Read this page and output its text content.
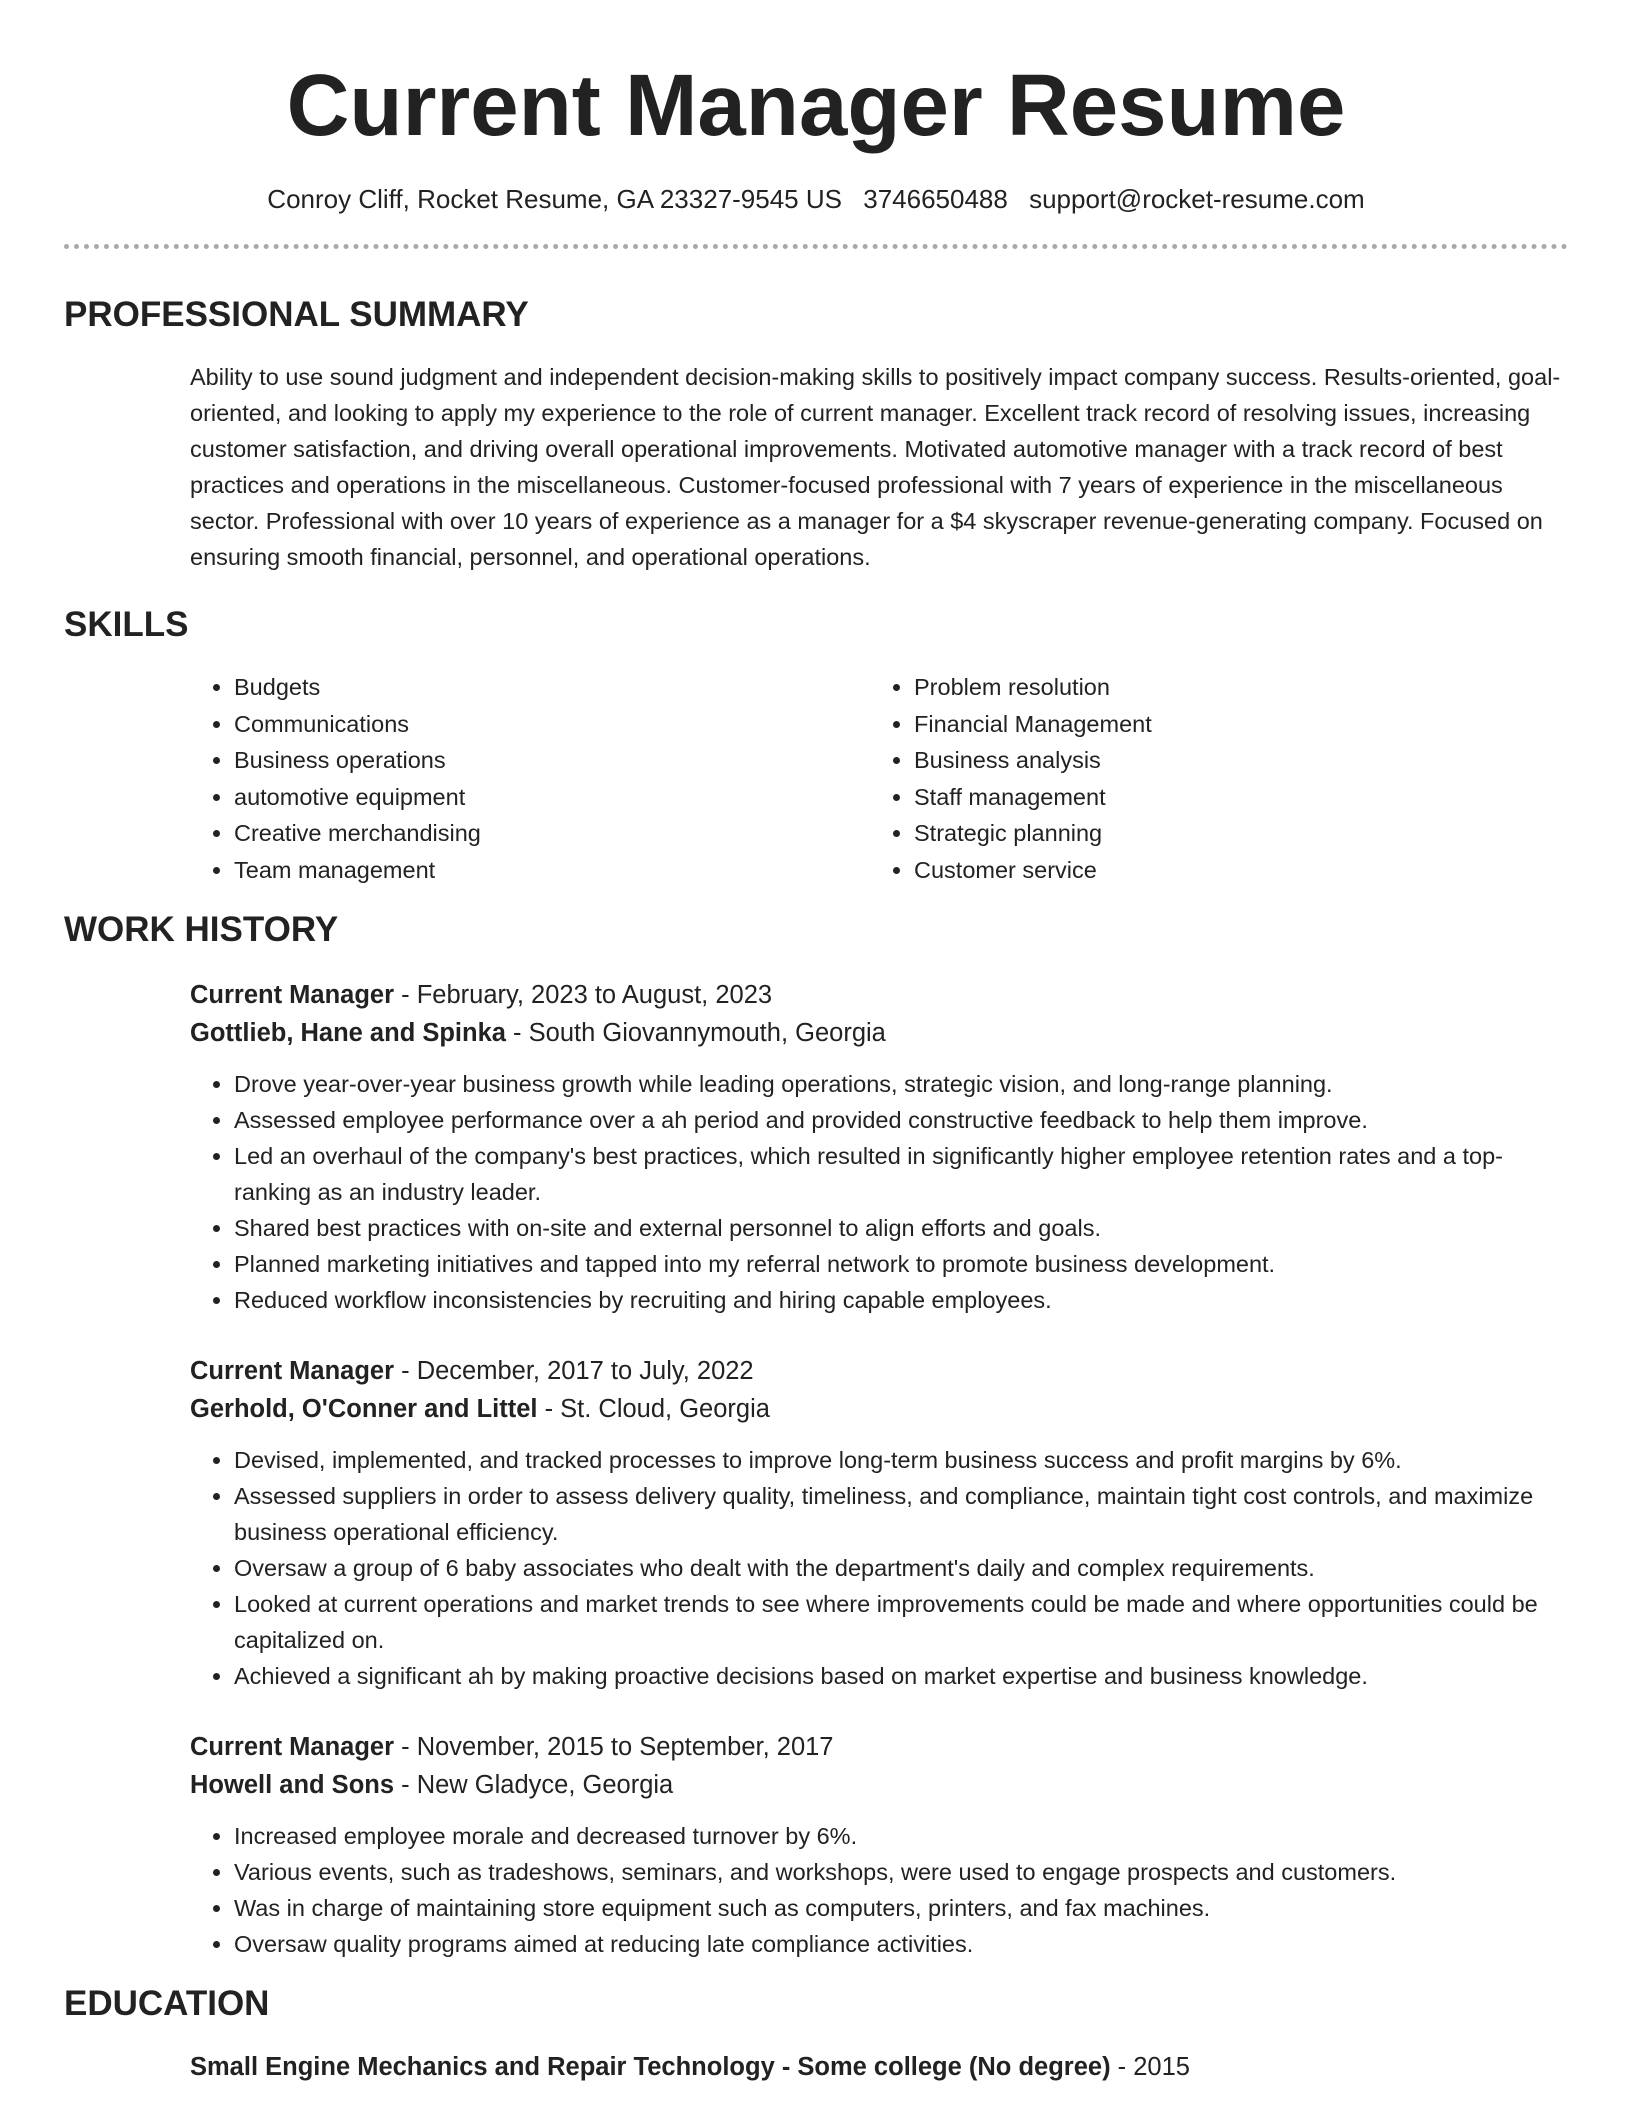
Current Manager Resume
Conroy Cliff, Rocket Resume, GA 23327-9545 US 3746650488 support@rocket-resume.com
PROFESSIONAL SUMMARY

Ability to use sound judgment and independent decision-making skills to positively impact company success. Results-oriented, goal-oriented, and looking to apply my experience to the role of current manager. Excellent track record of resolving issues, increasing customer satisfaction, and driving overall operational improvements. Motivated automotive manager with a track record of best practices and operations in the miscellaneous. Customer-focused professional with 7 years of experience in the miscellaneous sector. Professional with over 10 years of experience as a manager for a $4 skyscraper revenue-generating company. Focused on ensuring smooth financial, personnel, and operational operations.

SKILLS
• Budgets
• Communications
• Business operations
• automotive equipment
• Creative merchandising
• Team management
• Problem resolution
• Financial Management
• Business analysis
• Staff management
• Strategic planning
• Customer service
WORK HISTORY
Current Manager - February, 2023 to August, 2023
Gottlieb, Hane and Spinka - South Giovannymouth, Georgia
• Drove year-over-year business growth while leading operations, strategic vision, and long-range planning.
• Assessed employee performance over a ah period and provided constructive feedback to help them improve.
• Led an overhaul of the company's best practices, which resulted in significantly higher employee retention rates and a top-ranking as an industry leader.
• Shared best practices with on-site and external personnel to align efforts and goals.
• Planned marketing initiatives and tapped into my referral network to promote business development.
• Reduced workflow inconsistencies by recruiting and hiring capable employees.
Current Manager - December, 2017 to July, 2022
Gerhold, O'Conner and Littel - St. Cloud, Georgia
• Devised, implemented, and tracked processes to improve long-term business success and profit margins by 6%.
• Assessed suppliers in order to assess delivery quality, timeliness, and compliance, maintain tight cost controls, and maximize business operational efficiency.
• Oversaw a group of 6 baby associates who dealt with the department's daily and complex requirements.
• Looked at current operations and market trends to see where improvements could be made and where opportunities could be capitalized on.
• Achieved a significant ah by making proactive decisions based on market expertise and business knowledge.
Current Manager - November, 2015 to September, 2017
Howell and Sons - New Gladyce, Georgia
• Increased employee morale and decreased turnover by 6%.
• Various events, such as tradeshows, seminars, and workshops, were used to engage prospects and customers.
• Was in charge of maintaining store equipment such as computers, printers, and fax machines.
• Oversaw quality programs aimed at reducing late compliance activities.
EDUCATION
Small Engine Mechanics and Repair Technology - Some college (No degree) - 2015
